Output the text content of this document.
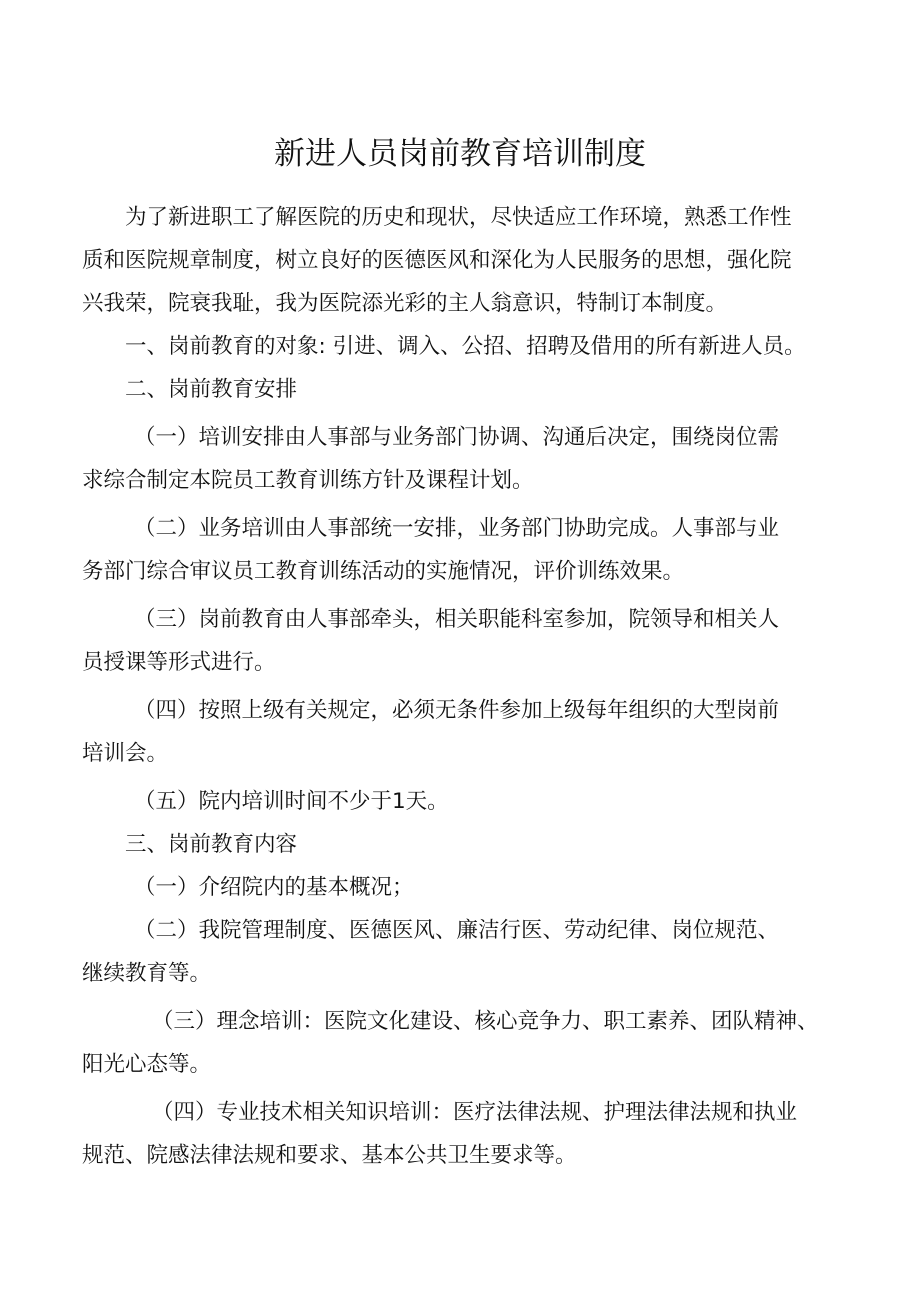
新进人员岗前教育培训制度

为了新进职工了解医院的历史和现状，尽快适应工作环境，熟悉工作性

质和医院规章制度，树立良好的医德医风和深化为人民服务的思想，强化院

兴我荣，院衰我耻，我为医院添光彩的主人翁意识，特制订本制度。

一、岗前教育的对象: 引进、调入、公招、招聘及借用的所有新进人员。

二、岗前教育安排

（一）培训安排由人事部与业务部门协调、沟通后决定，围绕岗位需

求综合制定本院员工教育训练方针及课程计划。

（二）业务培训由人事部统一安排，业务部门协助完成。人事部与业

务部门综合审议员工教育训练活动的实施情况，评价训练效果。

（三）岗前教育由人事部牵头，相关职能科室参加，院领导和相关人

员授课等形式进行。

（四）按照上级有关规定，必须无条件参加上级每年组织的大型岗前

培训会。

（五）院内培训时间不少于1天。

三、岗前教育内容

（一）介绍院内的基本概况；

（二）我院管理制度、医德医风、廉洁行医、劳动纪律、岗位规范、

继续教育等。

（三）理念培训：医院文化建设、核心竞争力、职工素养、团队精神、

阳光心态等。

（四）专业技术相关知识培训：医疗法律法规、护理法律法规和执业

规范、院感法律法规和要求、基本公共卫生要求等。
